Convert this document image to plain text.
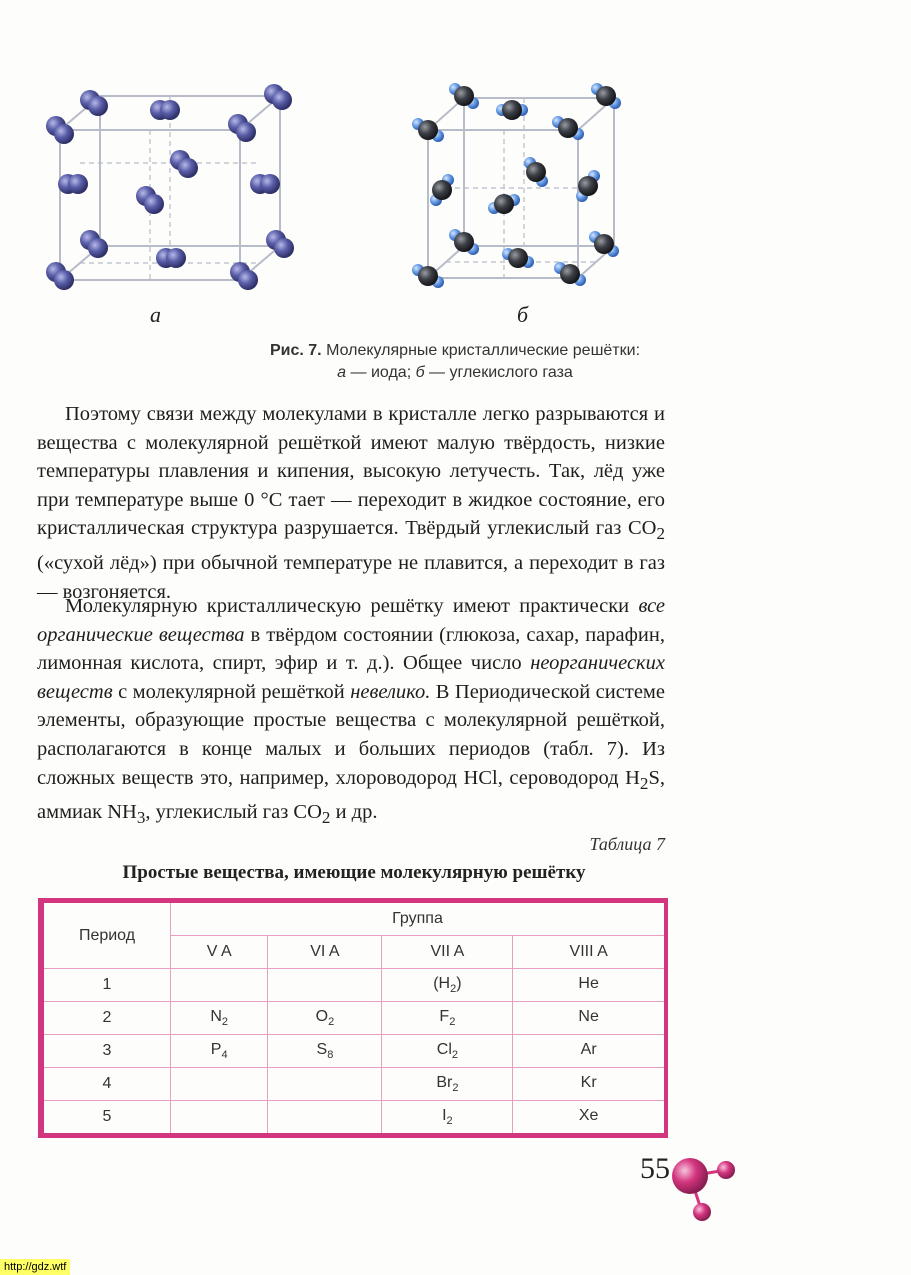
а	б
Рис. 7. Молекулярные кристаллические решётки:
а — иода; б — углекислого газа

Поэтому связи между молекулами в кристалле легко разрываются и вещества с молекулярной решёткой имеют малую твёрдость, низкие температуры плавления и кипения, высокую летучесть. Так, лёд уже при температуре выше 0 °С тает — переходит в жидкое состояние, его кристаллическая структура разрушается. Твёрдый углекислый газ $CO_2$ («сухой лёд») при обычной температуре не плавится, а переходит в газ — возгоняется.

Молекулярную кристаллическую решётку имеют практически все органические вещества в твёрдом состоянии (глюкоза, сахар, парафин, лимонная кислота, спирт, эфир и т. д.). Общее число неорганических веществ с молекулярной решёткой невелико. В Периодической системе элементы, образующие простые вещества с молекулярной решёткой, располагаются в конце малых и больших периодов (табл. 7). Из сложных веществ это, например, хлороводород HCl, сероводород $H_2S$, аммиак $NH_3$, углекислый газ $CO_2$ и др.

Таблица 7
Простые вещества, имеющие молекулярную решётку
Период	Группа			
	V A	VI A	VII A	VIII A
1			$(H_2)$	He
2	$N_2$	$O_2$	$F_2$	Ne
3	$P_4$	$S_8$	$Cl_2$	Ar
4			$Br_2$	Kr
5			$I_2$	Xe
55
http://gdz.wtf
